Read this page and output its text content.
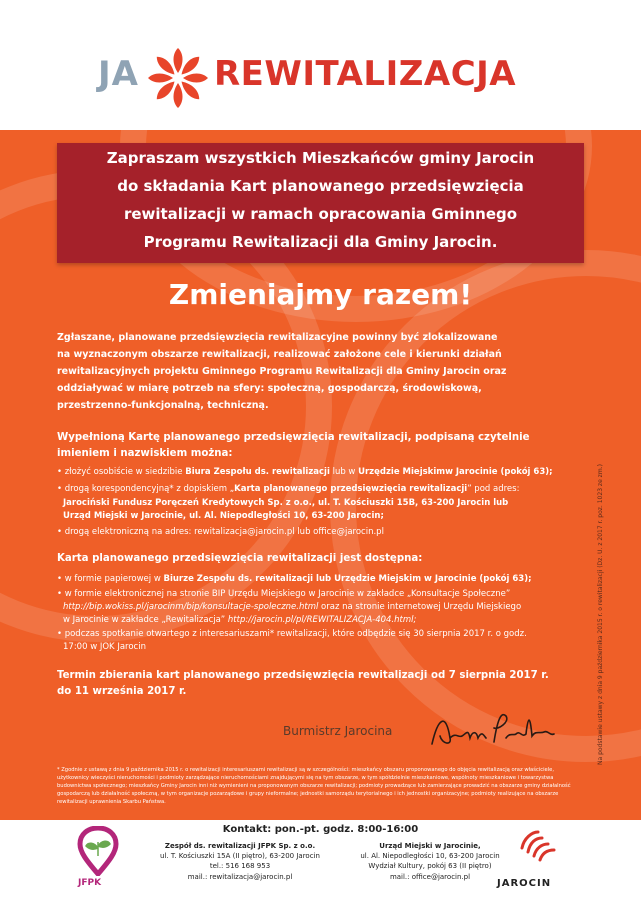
JA REWITALIZACJA
Zapraszam wszystkich Mieszkańców gminy Jarocin
do składania Kart planowanego przedsięwzięcia
rewitalizacji w ramach opracowania Gminnego
Programu Rewitalizacji dla Gminy Jarocin.
Zmieniajmy razem!
Zgłaszane, planowane przedsięwzięcia rewitalizacyjne powinny być zlokalizowane
na wyznaczonym obszarze rewitalizacji, realizować założone cele i kierunki działań
rewitalizacyjnych projektu Gminnego Programu Rewitalizacji dla Gminy Jarocin oraz
oddziaływać w miarę potrzeb na sfery: społeczną, gospodarczą, środowiskową,
przestrzenno-funkcjonalną, techniczną.
Wypełnioną Kartę planowanego przedsięwzięcia rewitalizacji, podpisaną czytelnie
imieniem i nazwiskiem można:
• złożyć osobiście w siedzibie Biura Zespołu ds. rewitalizacji lub w Urzędzie Miejskimw Jarocinie (pokój 63);
• drogą korespondencyjną* z dopiskiem „Karta planowanego przedsięwzięcia rewitalizacji” pod adres:
Jarociński Fundusz Poręczeń Kredytowych Sp. z o.o., ul. T. Kościuszki 15B, 63-200 Jarocin lub
Urząd Miejski w Jarocinie, ul. Al. Niepodległości 10, 63-200 Jarocin;
• drogą elektroniczną na adres: rewitalizacja@jarocin.pl lub office@jarocin.pl
Karta planowanego przedsięwzięcia rewitalizacji jest dostępna:
• w formie papierowej w Biurze Zespołu ds. rewitalizacji lub Urzędzie Miejskim w Jarocinie (pokój 63);
• w formie elektronicznej na stronie BIP Urzędu Miejskiego w Jarocinie w zakładce „Konsultacje Społeczne”
http://bip.wokiss.pl/jarocinm/bip/konsultacje-spoleczne.html oraz na stronie internetowej Urzędu Miejskiego
w Jarocinie w zakładce „Rewitalizacja” http://jarocin.pl/pl/REWITALIZACJA-404.html;
• podczas spotkanie otwartego z interesariuszami* rewitalizacji, które odbędzie się 30 sierpnia 2017 r. o godz.
17:00 w JOK Jarocin
Termin zbierania kart planowanego przedsięwzięcia rewitalizacji od 7 sierpnia 2017 r.
do 11 września 2017 r.
Burmistrz Jarocina
* Zgodnie z ustawą z dnia 9 października 2015 r. o rewitalizacji interesariuszami rewitalizacji są w szczególności: mieszkańcy obszaru proponowanego do objęcia rewitalizacją oraz właściciele,
użytkownicy wieczyści nieruchomości i podmioty zarządzające nieruchomościami znajdującymi się na tym obszarze, w tym spółdzielnie mieszkaniowe, wspólnoty mieszkaniowe i towarzystwa
budownictwa społecznego; mieszkańcy Gminy Jarocin inni niż wymienieni na proponowanym obszarze rewitalizacji; podmioty prowadzące lub zamierzające prowadzić na obszarze gminy działalność
gospodarczą lub działalność społeczną, w tym organizacje pozarządowe i grupy nieformalne; jednostki samorządu terytorialnego i ich jednostki organizacyjne; podmioty realizujące na obszarze
rewitalizacji uprawnienia Skarbu Państwa.
Na podstawie ustawy z dnia 9 października 2015 r. o rewitalizacji (Dz. U. z 2017 r. poz. 1023 ze zm.)
Kontakt: pon.-pt. godz. 8:00-16:00
JFPK
Zespół ds. rewitalizacji JFPK Sp. z o.o.
ul. T. Kościuszki 15A (II piętro), 63-200 Jarocin
tel.: 516 168 953
mail.: rewitalizacja@jarocin.pl
Urząd Miejski w Jarocinie,
ul. Al. Niepodległości 10, 63-200 Jarocin
Wydział Kultury, pokój 63 (II piętro)
mail.: office@jarocin.pl
JAROCIN
